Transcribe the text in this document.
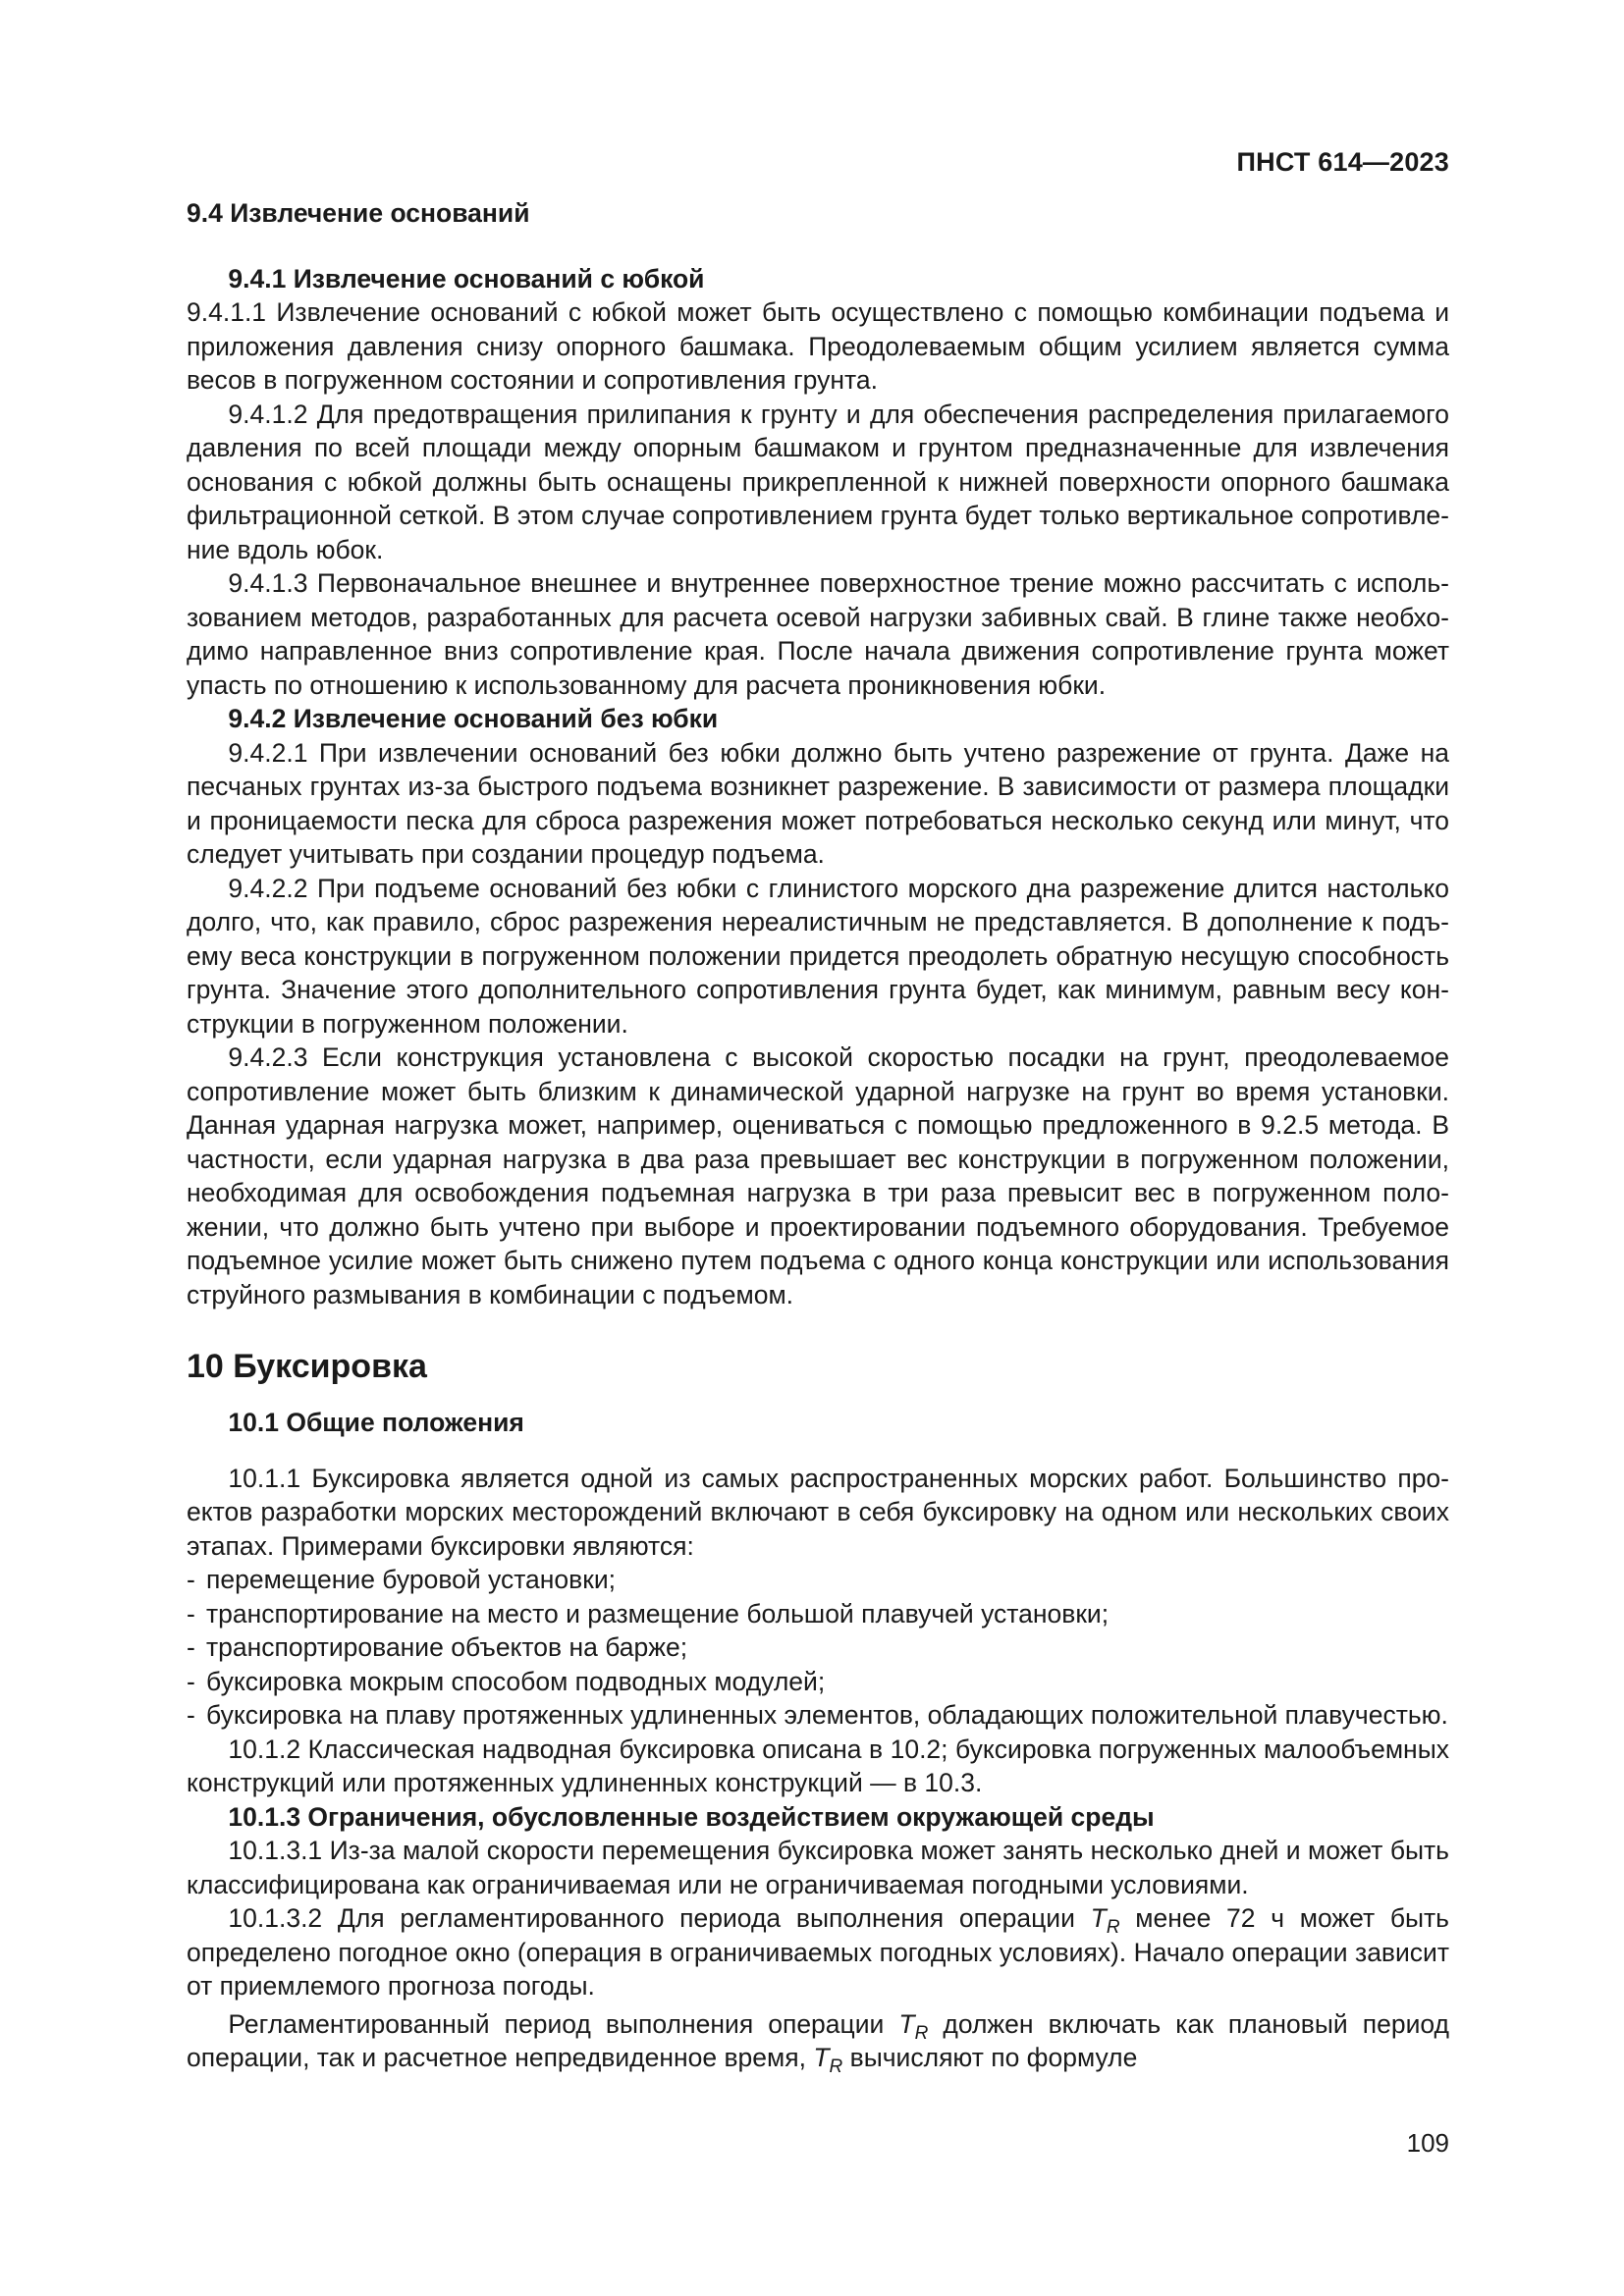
ПНСТ 614—2023
9.4 Извлечение оснований
9.4.1 Извлечение оснований с юбкой

9.4.1.1 Извлечение оснований с юбкой может быть осуществлено с помощью комбинации подъема и приложения давления снизу опорного башмака. Преодолеваемым общим усилием является сумма весов в погруженном состоянии и сопротивления грунта.

9.4.1.2 Для предотвращения прилипания к грунту и для обеспечения распределения прилагаемого давления по всей площади между опорным башмаком и грунтом предназначенные для извлечения основания с юбкой должны быть оснащены прикрепленной к нижней поверхности опорного башмака фильтрационной сеткой. В этом случае сопротивлением грунта будет только вертикальное сопротивление вдоль юбок.

9.4.1.3 Первоначальное внешнее и внутреннее поверхностное трение можно рассчитать с использованием методов, разработанных для расчета осевой нагрузки забивных свай. В глине также необходимо направленное вниз сопротивление края. После начала движения сопротивление грунта может упасть по отношению к использованному для расчета проникновения юбки.

9.4.2 Извлечение оснований без юбки

9.4.2.1 При извлечении оснований без юбки должно быть учтено разрежение от грунта. Даже на песчаных грунтах из-за быстрого подъема возникнет разрежение. В зависимости от размера площадки и проницаемости песка для сброса разрежения может потребоваться несколько секунд или минут, что следует учитывать при создании процедур подъема.

9.4.2.2 При подъеме оснований без юбки с глинистого морского дна разрежение длится настолько долго, что, как правило, сброс разрежения нереалистичным не представляется. В дополнение к подъему веса конструкции в погруженном положении придется преодолеть обратную несущую способность грунта. Значение этого дополнительного сопротивления грунта будет, как минимум, равным весу конструкции в погруженном положении.

9.4.2.3 Если конструкция установлена с высокой скоростью посадки на грунт, преодолеваемое сопротивление может быть близким к динамической ударной нагрузке на грунт во время установки. Данная ударная нагрузка может, например, оцениваться с помощью предложенного в 9.2.5 метода. В частности, если ударная нагрузка в два раза превышает вес конструкции в погруженном положении, необходимая для освобождения подъемная нагрузка в три раза превысит вес в погруженном положении, что должно быть учтено при выборе и проектировании подъемного оборудования. Требуемое подъемное усилие может быть снижено путем подъема с одного конца конструкции или использования струйного размывания в комбинации с подъемом.

10 Буксировка
10.1 Общие положения

10.1.1 Буксировка является одной из самых распространенных морских работ. Большинство проектов разработки морских месторождений включают в себя буксировку на одном или нескольких своих этапах. Примерами буксировки являются:

- перемещение буровой установки;
- транспортирование на место и размещение большой плавучей установки;
- транспортирование объектов на барже;
- буксировка мокрым способом подводных модулей;
- буксировка на плаву протяженных удлиненных элементов, обладающих положительной плавучестью.

10.1.2 Классическая надводная буксировка описана в 10.2; буксировка погруженных малообъемных конструкций или протяженных удлиненных конструкций — в 10.3.

10.1.3 Ограничения, обусловленные воздействием окружающей среды

10.1.3.1 Из-за малой скорости перемещения буксировка может занять несколько дней и может быть классифицирована как ограничиваемая или не ограничиваемая погодными условиями.

10.1.3.2 Для регламентированного периода выполнения операции $T_R$ менее 72 ч может быть определено погодное окно (операция в ограничиваемых погодных условиях). Начало операции зависит от приемлемого прогноза погоды.

Регламентированный период выполнения операции $T_R$ должен включать как плановый период операции, так и расчетное непредвиденное время, $T_R$ вычисляют по формуле

109
